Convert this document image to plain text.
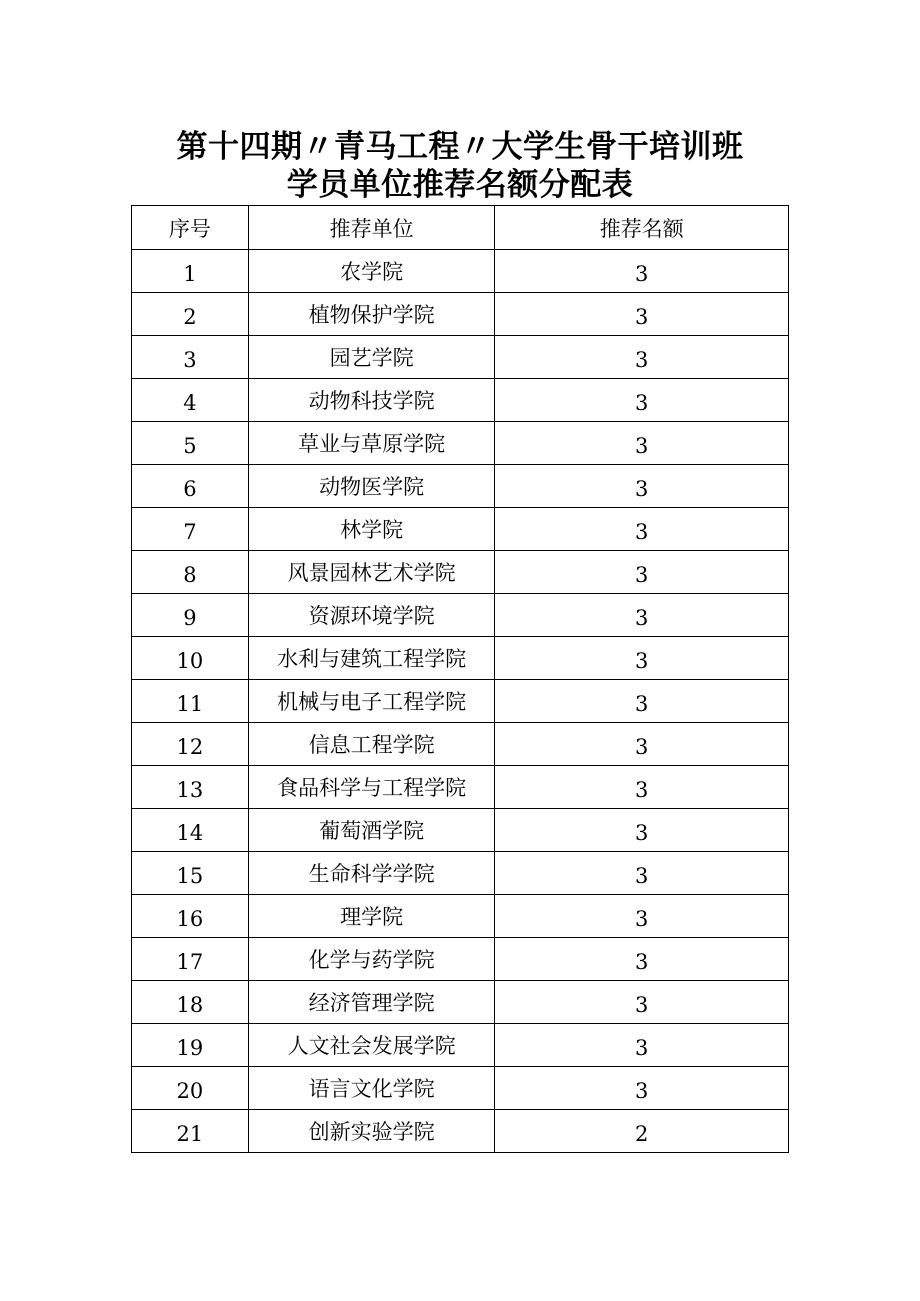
第十四期〃青马工程〃大学生骨干培训班
学员单位推荐名额分配表
序号	推荐单位	推荐名额

1	农学院	3

2	植物保护学院	3

3	园艺学院	3

4	动物科技学院	3

5	草业与草原学院	3

6	动物医学院	3

7	林学院	3

8	风景园林艺术学院	3

9	资源环境学院	3

10	水利与建筑工程学院	3

11	机械与电子工程学院	3

12	信息工程学院	3

13	食品科学与工程学院	3

14	葡萄酒学院	3

15	生命科学学院	3

16	理学院	3

17	化学与药学院	3

18	经济管理学院	3

19	人文社会发展学院	3

20	语言文化学院	3

21	创新实验学院	2
